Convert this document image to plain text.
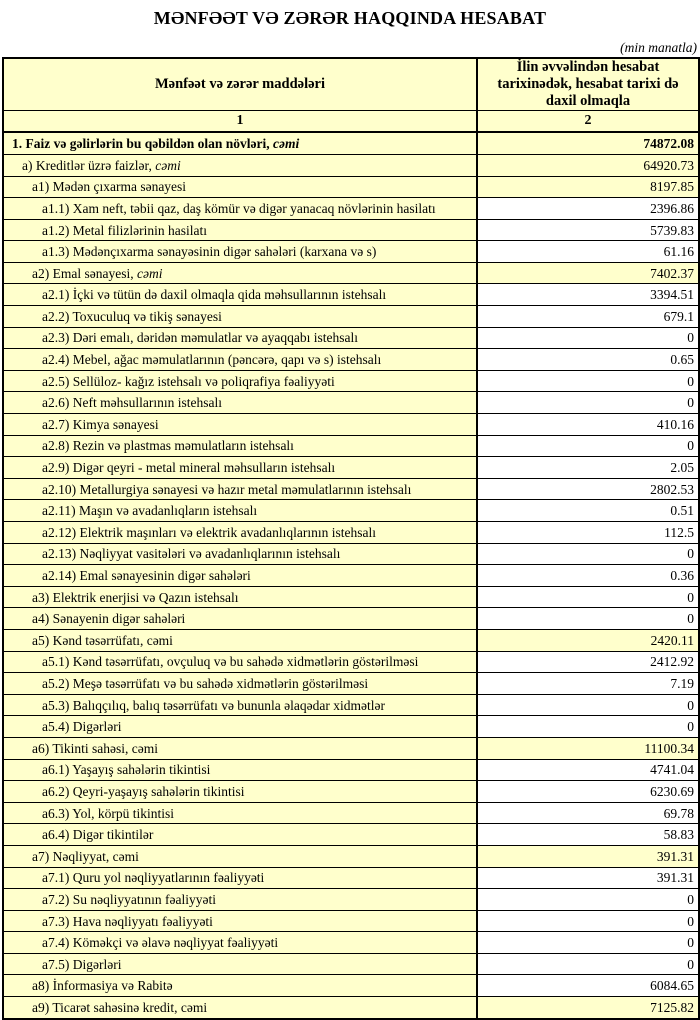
MƏNFƏƏT VƏ ZƏRƏR HAQQINDA HESABAT
(min manatla)
Mənfəət və zərər maddələri	İlin əvvəlindən hesabat tarixinədək, hesabat tarixi də daxil olmaqla
1	2
1. Faiz və gəlirlərin bu qəbildən olan növləri, cəmi	74872.08
a) Kreditlər üzrə faizlər, cəmi	64920.73
a1) Mədən çıxarma sənayesi	8197.85
a1.1) Xam neft, təbii qaz, daş kömür və digər yanacaq növlərinin hasilatı	2396.86
a1.2) Metal filizlərinin hasilatı	5739.83
a1.3) Mədənçıxarma sənayəsinin digər sahələri (karxana və s)	61.16
a2) Emal sənayesi, cəmi	7402.37
a2.1) İçki və tütün də daxil olmaqla qida məhsullarının istehsalı	3394.51
a2.2) Toxuculuq və tikiş sənayesi	679.1
a2.3) Dəri emalı, dəridən məmulatlar və ayaqqabı istehsalı	0
a2.4) Mebel, ağac məmulatlarının (pəncərə, qapı və s) istehsalı	0.65
a2.5) Sellüloz- kağız istehsalı və poliqrafiya fəaliyyəti	0
a2.6) Neft məhsullarının istehsalı	0
a2.7) Kimya sənayesi	410.16
a2.8) Rezin və plastmas məmulatların istehsalı	0
a2.9) Digər qeyri - metal mineral məhsulların istehsalı	2.05
a2.10) Metallurgiya sənayesi və hazır metal məmulatlarının istehsalı	2802.53
a2.11) Maşın və avadanlıqların istehsalı	0.51
a2.12) Elektrik maşınları və elektrik avadanlıqlarının istehsalı	112.5
a2.13) Nəqliyyat vasitələri və avadanlıqlarının istehsalı	0
a2.14) Emal sənayesinin digər sahələri	0.36
a3) Elektrik enerjisi və Qazın istehsalı	0
a4) Sənayenin digər sahələri	0
a5) Kənd təsərrüfatı, cəmi	2420.11
a5.1) Kənd təsərrüfatı, ovçuluq və bu sahədə xidmətlərin göstərilməsi	2412.92
a5.2) Meşə təsərrüfatı və bu sahədə xidmətlərin göstərilməsi	7.19
a5.3) Balıqçılıq, balıq təsərrüfatı və bununla əlaqədar xidmətlər	0
a5.4) Digərləri	0
a6) Tikinti sahəsi, cəmi	11100.34
a6.1) Yaşayış sahələrin tikintisi	4741.04
a6.2) Qeyri-yaşayış sahələrin tikintisi	6230.69
a6.3) Yol, körpü tikintisi	69.78
a6.4) Digər tikintilər	58.83
a7) Nəqliyyat, cəmi	391.31
a7.1) Quru yol nəqliyyatlarının fəaliyyəti	391.31
a7.2) Su nəqliyyatının fəaliyyəti	0
a7.3) Hava nəqliyyatı fəaliyyəti	0
a7.4) Köməkçi və əlavə nəqliyyat fəaliyyəti	0
a7.5) Digərləri	0
a8) İnformasiya və Rabitə	6084.65
a9) Ticarət sahəsinə kredit, cəmi	7125.82
